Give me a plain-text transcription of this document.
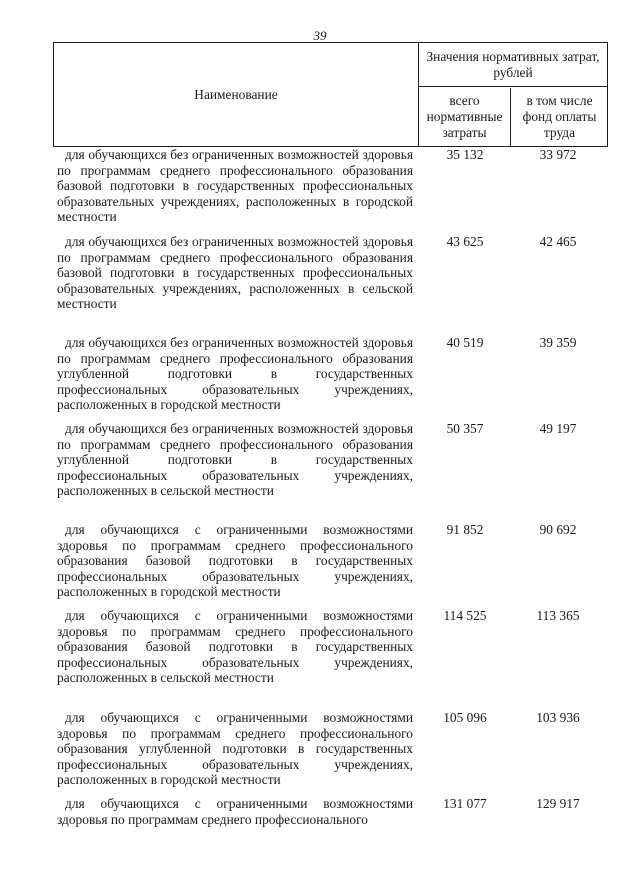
39
Наименование
Значения нормативных затрат, рублей
всего нормативные затраты
в том числе фонд оплаты труда
для обучающихся без ограниченных возможностей здоровья по программам среднего профессионального образования базовой подготовки в государственных профессиональных образовательных учреждениях, расположенных в городской местности
35 132	33 972
для обучающихся без ограниченных возможностей здоровья по программам среднего профессионального образования базовой подготовки в государственных профессиональных образовательных учреждениях, расположенных в сельской местности
43 625	42 465
для обучающихся без ограниченных возможностей здоровья по программам среднего профессионального образования углубленной подготовки в государственных профессиональных образовательных учреждениях, расположенных в городской местности
40 519	39 359
для обучающихся без ограниченных возможностей здоровья по программам среднего профессионального образования углубленной подготовки в государственных профессиональных образовательных учреждениях, расположенных в сельской местности
50 357	49 197
для обучающихся с ограниченными возможностями здоровья по программам среднего профессионального образования базовой подготовки в государственных профессиональных образовательных учреждениях, расположенных в городской местности
91 852	90 692
для обучающихся с ограниченными возможностями здоровья по программам среднего профессионального образования базовой подготовки в государственных профессиональных образовательных учреждениях, расположенных в сельской местности
114 525	113 365
для обучающихся с ограниченными возможностями здоровья по программам среднего профессионального образования углубленной подготовки в государственных профессиональных образовательных учреждениях, расположенных в городской местности
105 096	103 936
для обучающихся с ограниченными возможностями здоровья по программам среднего профессионального
131 077	129 917
